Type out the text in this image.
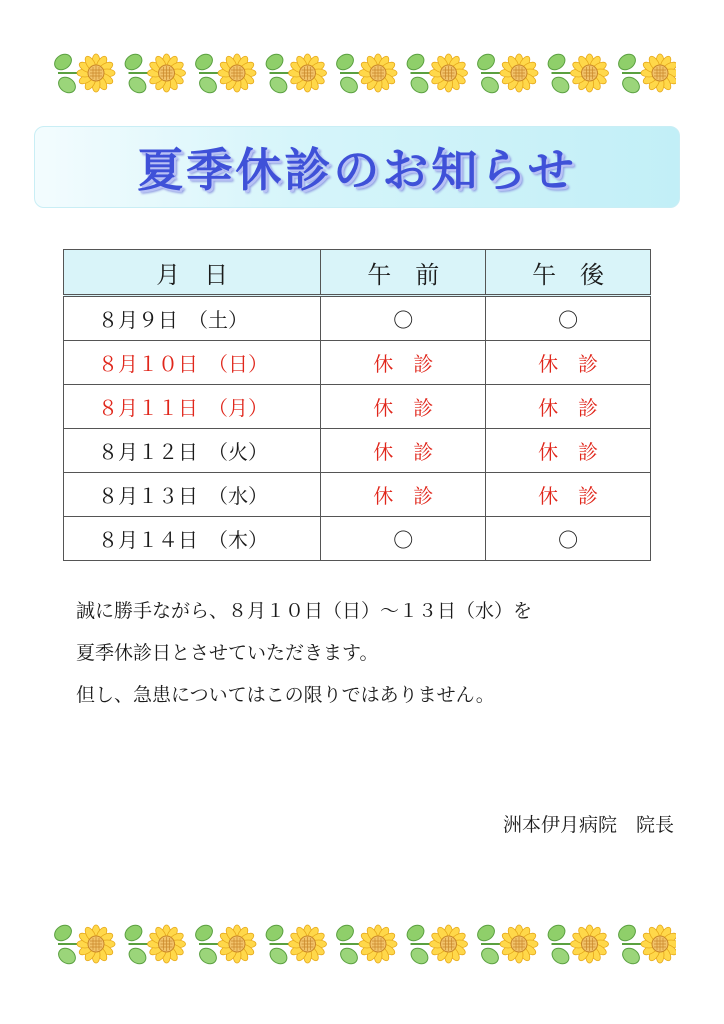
夏季休診のお知らせ
月　日	午　前	午　後
８月９日　（土）	〇	〇
８月１０日　（日）	休　診	休　診
８月１１日　（月）	休　診	休　診
８月１２日　（火）	休　診	休　診
８月１３日　（水）	休　診	休　診
８月１４日　（木）	〇	〇

誠に勝手ながら、８月１０日（日）～１３日（水）を

夏季休診日とさせていただきます。

但し、急患についてはこの限りではありません。

洲本伊月病院　院長
